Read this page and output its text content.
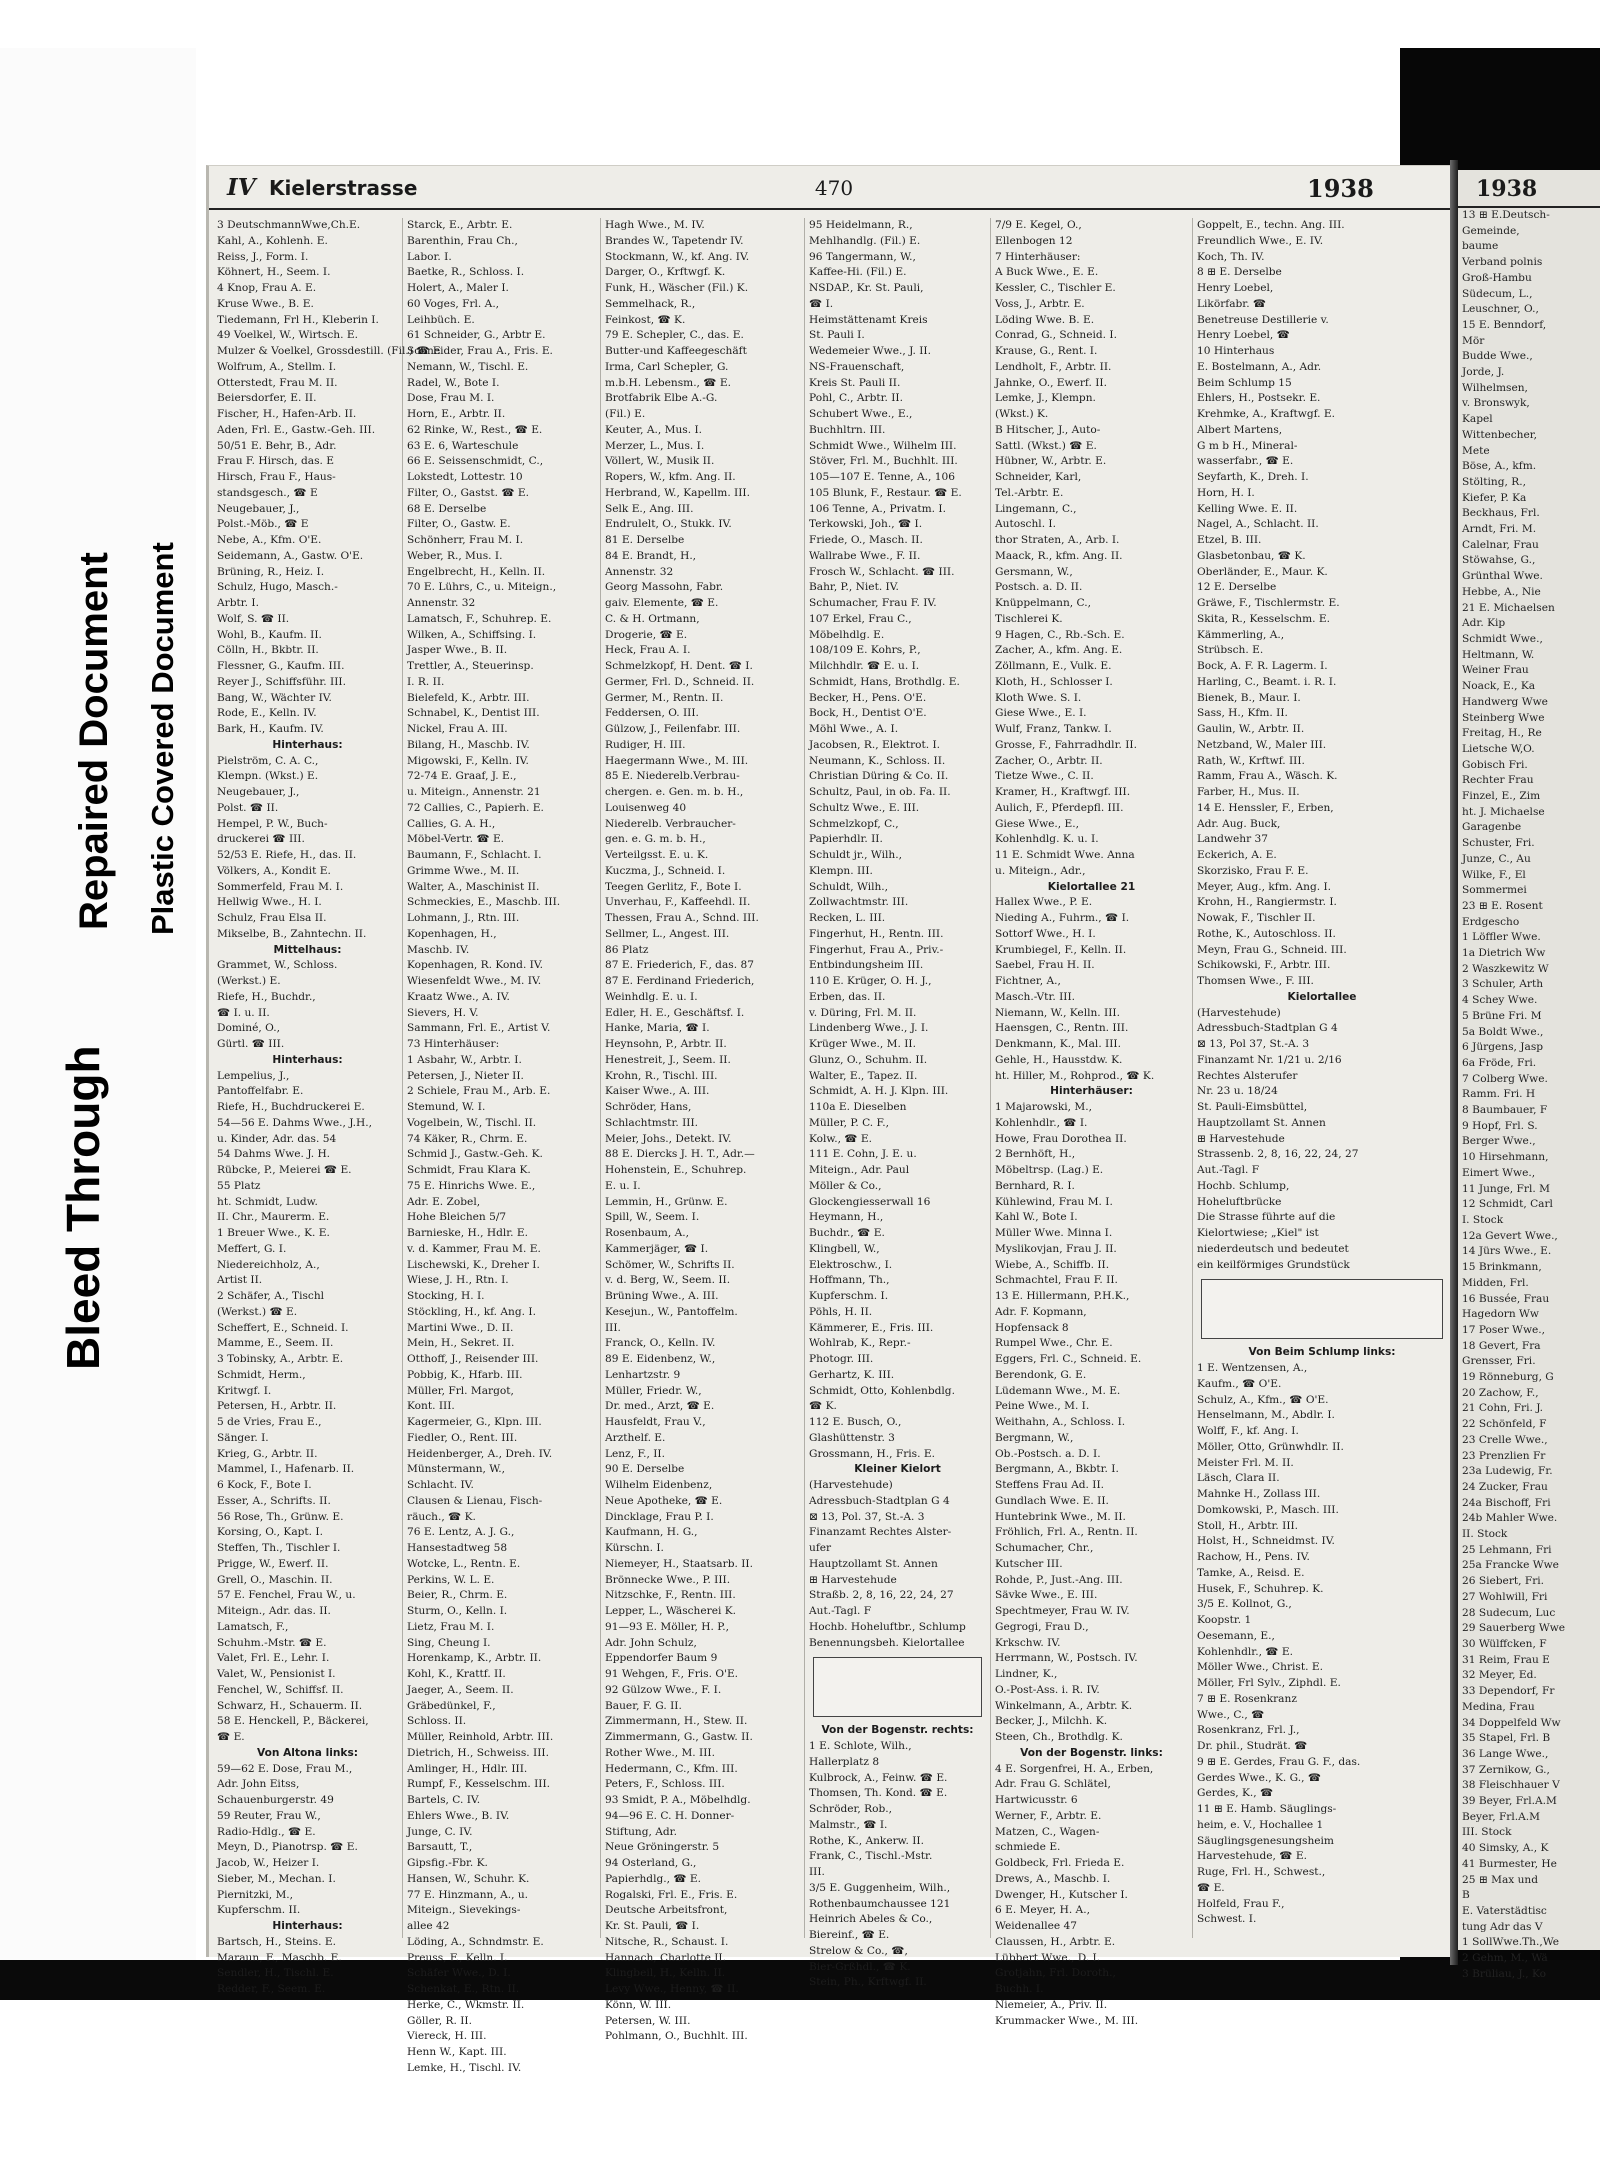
Bleed Through
Repaired Document Plastic Covered Document
IV Kielerstrasse	470	1938
3 DeutschmannWwe,Ch.E.
Kahl, A., Kohlenh. E.
Reiss, J., Form. I.
Köhnert, H., Seem. I.
4 Knop, Frau A. E.
Kruse Wwe., B. E.
Tiedemann, Frl H., Kleberin I.
49 Voelkel, W., Wirtsch. E.
Mulzer & Voelkel, Grossdestill. (Fil.) ☎ E
Wolfrum, A., Stellm. I.
Otterstedt, Frau M. II.
Beiersdorfer, E. II.
Fischer, H., Hafen-Arb. II.
Aden, Frl. E., Gastw.-Geh. III.
50/51 E. Behr, B., Adr.
Frau F. Hirsch, das. E
Hirsch, Frau F., Haus-
standsgesch., ☎ E
Neugebauer, J.,
Polst.-Möb., ☎ E
Nebe, A., Kfm. O'E.
Seidemann, A., Gastw. O'E.
Brüning, R., Heiz. I.
Schulz, Hugo, Masch.-
Arbtr. I.
Wolf, S. ☎ II.
Wohl, B., Kaufm. II.
Cölln, H., Bkbtr. II.
Flessner, G., Kaufm. III.
Reyer J., Schiffsführ. III.
Bang, W., Wächter IV.
Rode, E., Kelln. IV.
Bark, H., Kaufm. IV.
Hinterhaus:
Pielström, C. A. C.,
Klempn. (Wkst.) E.
Neugebauer, J.,
Polst. ☎ II.
Hempel, P. W., Buch-
druckerei ☎ III.
52/53 E. Riefe, H., das. II.
Völkers, A., Kondit E.
Sommerfeld, Frau M. I.
Hellwig Wwe., H. I.
Schulz, Frau Elsa II.
Mikselbe, B., Zahntechn. II.
Mittelhaus:
Grammet, W., Schloss.
(Werkst.) E.
Riefe, H., Buchdr.,
☎ I. u. II.
Dominé, O.,
Gürtl. ☎ III.
Hinterhaus:
Lempelius, J.,
Pantoffelfabr. E.
Riefe, H., Buchdruckerei E.
54—56 E. Dahms Wwe., J.H.,
u. Kinder, Adr. das. 54
54 Dahms Wwe. J. H.
Rübcke, P., Meierei ☎ E.
55 Platz
ht. Schmidt, Ludw.
II. Chr., Maurerm. E.
1 Breuer Wwe., K. E.
Meffert, G. I.
Niedereichholz, A.,
Artist II.
2 Schäfer, A., Tischl
(Werkst.) ☎ E.
Scheffert, E., Schneid. I.
Mamme, E., Seem. II.
3 Tobinsky, A., Arbtr. E.
Schmidt, Herm.,
Kritwgf. I.
Petersen, H., Arbtr. II.
5 de Vries, Frau E.,
Sänger. I.
Krieg, G., Arbtr. II.
Mammel, I., Hafenarb. II.
6 Kock, F., Bote I.
Esser, A., Schrifts. II.
56 Rose, Th., Grünw. E.
Korsing, O., Kapt. I.
Steffen, Th., Tischler I.
Prigge, W., Ewerf. II.
Grell, O., Maschin. II.
57 E. Fenchel, Frau W., u.
Miteign., Adr. das. II.
Lamatsch, F.,
Schuhm.-Mstr. ☎ E.
Valet, Frl. E., Lehr. I.
Valet, W., Pensionist I.
Fenchel, W., Schiffsf. II.
Schwarz, H., Schauerm. II.
58 E. Henckell, P., Bäckerei,
☎ E.
Von Altona links:
59—62 E. Dose, Frau M.,
Adr. John Eitss,
Schauenburgerstr. 49
59 Reuter, Frau W.,
Radio-Hdlg., ☎ E.
Meyn, D., Pianotrsp. ☎ E.
Jacob, W., Heizer I.
Sieber, M., Mechan. I.
Piernitzki, M.,
Kupferschm. II.
Hinterhaus:
Bartsch, H., Steins. E.
Maraun, F., Maschb. E.
Sendler, H., Tischl. E.
Redder, F., Seem. E.
Starck, E., Arbtr. E.
Barenthin, Frau Ch.,
Labor. I.
Baetke, R., Schloss. I.
Holert, A., Maler I.
60 Voges, Frl. A.,
Leihbüch. E.
61 Schneider, G., Arbtr E.
Schneider, Frau A., Fris. E.
Nemann, W., Tischl. E.
Radel, W., Bote I.
Dose, Frau M. I.
Horn, E., Arbtr. II.
62 Rinke, W., Rest., ☎ E.
63 E. 6, Warteschule
66 E. Seissenschmidt, C.,
Lokstedt, Lottestr. 10
Filter, O., Gastst. ☎ E.
68 E. Derselbe
Filter, O., Gastw. E.
Schönherr, Frau M. I.
Weber, R., Mus. I.
Engelbrecht, H., Kelln. II.
70 E. Lührs, C., u. Miteign.,
Annenstr. 32
Lamatsch, F., Schuhrep. E.
Wilken, A., Schiffsing. I.
Jasper Wwe., B. II.
Trettler, A., Steuerinsp.
I. R. II.
Bielefeld, K., Arbtr. III.
Schnabel, K., Dentist III.
Nickel, Frau A. III.
Bilang, H., Maschb. IV.
Migowski, F., Kelln. IV.
72-74 E. Graaf, J. E.,
u. Miteign., Annenstr. 21
72 Callies, C., Papierh. E.
Callies, G. A. H.,
Möbel-Vertr. ☎ E.
Baumann, F., Schlacht. I.
Grimme Wwe., M. II.
Walter, A., Maschinist II.
Schmeckies, E., Maschb. III.
Lohmann, J., Rtn. III.
Kopenhagen, H.,
Maschb. IV.
Kopenhagen, R. Kond. IV.
Wiesenfeldt Wwe., M. IV.
Kraatz Wwe., A. IV.
Sievers, H. V.
Sammann, Frl. E., Artist V.
73 Hinterhäuser:
1 Asbahr, W., Arbtr. I.
Petersen, J., Nieter II.
2 Schiele, Frau M., Arb. E.
Stemund, W. I.
Vogelbein, W., Tischl. II.
74 Käker, R., Chrm. E.
Schmid J., Gastw.-Geh. K.
Schmidt, Frau Klara K.
75 E. Hinrichs Wwe. E.,
Adr. E. Zobel,
Hohe Bleichen 5/7
Barnieske, H., Hdlr. E.
v. d. Kammer, Frau M. E.
Lischewski, K., Dreher I.
Wiese, J. H., Rtn. I.
Stocking, H. I.
Stöckling, H., kf. Ang. I.
Martini Wwe., D. II.
Mein, H., Sekret. II.
Otthoff, J., Reisender III.
Pobbig, K., Hfarb. III.
Müller, Frl. Margot,
Kont. III.
Kagermeier, G., Klpn. III.
Fiedler, O., Rent. III.
Heidenberger, A., Dreh. IV.
Münstermann, W.,
Schlacht. IV.
Clausen & Lienau, Fisch-
räuch., ☎ K.
76 E. Lentz, A. J. G.,
Hansestadtweg 58
Wotcke, L., Rentn. E.
Perkins, W. L. E.
Beier, R., Chrm. E.
Sturm, O., Kelln. I.
Lietz, Frau M. I.
Sing, Cheung I.
Horenkamp, K., Arbtr. II.
Kohl, K., Krattf. II.
Jaeger, A., Seem. II.
Gräbedünkel, F.,
Schloss. II.
Müller, Reinhold, Arbtr. III.
Dietrich, H., Schweiss. III.
Amlinger, H., Hdlr. III.
Rumpf, F., Kesselschm. III.
Bartels, C. IV.
Ehlers Wwe., B. IV.
Junge, C. IV.
Barsautt, T.,
Gipsfig.-Fbr. K.
Hansen, W., Schuhr. K.
77 E. Hinzmann, A., u.
Miteign., Sievekings-
allee 42
Löding, A., Schndmstr. E.
Preuss, F., Kelln. I.
Schäfer Wwe., D. I.
Schenkat, E., Rtn. II.
Herke, C., Wkmstr. II.
Göller, R. II.
Viereck, H. III.
Henn W., Kapt. III.
Lemke, H., Tischl. IV.
Hagh Wwe., M. IV.
Brandes W., Tapetendr IV.
Stockmann, W., kf. Ang. IV.
Darger, O., Krftwgf. K.
Funk, H., Wäscher (Fil.) K.
Semmelhack, R.,
Feinkost, ☎ K.
79 E. Schepler, C., das. E.
Butter-und Kaffeegeschäft
Irma, Carl Schepler, G.
m.b.H. Lebensm., ☎ E.
Brotfabrik Elbe A.-G.
(Fil.) E.
Keuter, A., Mus. I.
Merzer, L., Mus. I.
Völlert, W., Musik II.
Ropers, W., kfm. Ang. II.
Herbrand, W., Kapellm. III.
Selk E., Ang. III.
Endrulelt, O., Stukk. IV.
81 E. Derselbe
84 E. Brandt, H.,
Annenstr. 32
Georg Massohn, Fabr.
gaiv. Elemente, ☎ E.
C. & H. Ortmann,
Drogerie, ☎ E.
Heck, Frau A. I.
Schmelzkopf, H. Dent. ☎ I.
Germer, Frl. D., Schneid. II.
Germer, M., Rentn. II.
Feddersen, O. III.
Gülzow, J., Feilenfabr. III.
Rudiger, H. III.
Haegermann Wwe., M. III.
85 E. Niederelb.Verbrau-
chergen. e. Gen. m. b. H.,
Louisenweg 40
Niederelb. Verbraucher-
gen. e. G. m. b. H.,
Verteilgsst. E. u. K.
Kuczma, J., Schneid. I.
Teegen Gerlitz, F., Bote I.
Unverhau, F., Kaffeehdl. II.
Thessen, Frau A., Schnd. III.
Sellmer, L., Angest. III.
86 Platz
87 E. Friederich, F., das. 87
87 E. Ferdinand Friederich,
Weinhdlg. E. u. I.
Edler, H. E., Geschäftsf. I.
Hanke, Maria, ☎ I.
Heynsohn, P., Arbtr. II.
Henestreit, J., Seem. II.
Krohn, R., Tischl. III.
Kaiser Wwe., A. III.
Schröder, Hans,
Schlachtmstr. III.
Meier, Johs., Detekt. IV.
88 E. Diercks J. H. T., Adr.—
Hohenstein, E., Schuhrep.
E. u. I.
Lemmin, H., Grünw. E.
Spill, W., Seem. I.
Rosenbaum, A.,
Kammerjäger, ☎ I.
Schömer, W., Schrifts II.
v. d. Berg, W., Seem. II.
Brüning Wwe., A. III.
Kesejun., W., Pantoffelm.
III.
Franck, O., Kelln. IV.
89 E. Eidenbenz, W.,
Lenhartzstr. 9
Müller, Friedr. W.,
Dr. med., Arzt, ☎ E.
Hausfeldt, Frau V.,
Arzthelf. E.
Lenz, F., II.
90 E. Derselbe
Wilhelm Eidenbenz,
Neue Apotheke, ☎ E.
Dincklage, Frau P. I.
Kaufmann, H. G.,
Kürschn. I.
Niemeyer, H., Staatsarb. II.
Brönnecke Wwe., P. III.
Nitzschke, F., Rentn. III.
Lepper, L., Wäscherei K.
91—93 E. Möller, H. P.,
Adr. John Schulz,
Eppendorfer Baum 9
91 Wehgen, F., Fris. O'E.
92 Gülzow Wwe., F. I.
Bauer, F. G. II.
Zimmermann, H., Stew. II.
Zimmermann, G., Gastw. II.
Rother Wwe., M. III.
Hedermann, C., Kfm. III.
Peters, F., Schloss. III.
93 Smidt, P. A., Möbelhdlg.
94—96 E. C. H. Donner-
Stiftung, Adr.
Neue Gröningerstr. 5
94 Osterland, G.,
Papierhdlg., ☎ E.
Rogalski, Frl. E., Fris. E.
Deutsche Arbeitsfront,
Kr. St. Pauli, ☎ I.
Nitsche, R., Schaust. I.
Hannach, Charlotte II.
Klingbeil, H., Kelln. II.
Levy Wwe., Henny, ☎ II.
Könn, W. III.
Petersen, W. III.
Pohlmann, O., Buchhlt. III.
95 Heidelmann, R.,
Mehlhandlg. (Fil.) E.
96 Tangermann, W.,
Kaffee-Hi. (Fil.) E.
NSDAP., Kr. St. Pauli,
☎ I.
Heimstättenamt Kreis
St. Pauli I.
Wedemeier Wwe., J. II.
NS-Frauenschaft,
Kreis St. Pauli II.
Pohl, C., Arbtr. II.
Schubert Wwe., E.,
Buchhltrn. III.
Schmidt Wwe., Wilhelm III.
Stöver, Frl. M., Buchhlt. III.
105—107 E. Tenne, A., 106
105 Blunk, F., Restaur. ☎ E.
106 Tenne, A., Privatm. I.
Terkowski, Joh., ☎ I.
Friede, O., Masch. II.
Wallrabe Wwe., F. II.
Frosch W., Schlacht. ☎ III.
Bahr, P., Niet. IV.
Schumacher, Frau F. IV.
107 Erkel, Frau C.,
Möbelhdlg. E.
108/109 E. Kohrs, P.,
Milchhdlr. ☎ E. u. I.
Schmidt, Hans, Brothdlg. E.
Becker, H., Pens. O'E.
Bock, H., Dentist O'E.
Möhl Wwe., A. I.
Jacobsen, R., Elektrot. I.
Neumann, K., Schloss. II.
Christian Düring & Co. II.
Schultz, Paul, in ob. Fa. II.
Schultz Wwe., E. III.
Schmelzkopf, C.,
Papierhdlr. II.
Schuldt jr., Wilh.,
Klempn. III.
Schuldt, Wilh.,
Zollwachtmstr. III.
Recken, L. III.
Fingerhut, H., Rentn. III.
Fingerhut, Frau A., Priv.-
Entbindungsheim III.
110 E. Krüger, O. H. J.,
Erben, das. II.
v. Düring, Frl. M. II.
Lindenberg Wwe., J. I.
Krüger Wwe., M. II.
Glunz, O., Schuhm. II.
Walter, E., Tapez. II.
Schmidt, A. H. J. Klpn. III.
110a E. Dieselben
Müller, P. C. F.,
Kolw., ☎ E.
111 E. Cohn, J. E. u.
Miteign., Adr. Paul
Möller & Co.,
Glockengiesserwall 16
Heymann, H.,
Buchdr., ☎ E.
Klingbell, W.,
Elektroschw., I.
Hoffmann, Th.,
Kupferschm. I.
Pöhls, H. II.
Kämmerer, E., Fris. III.
Wohlrab, K., Repr.-
Photogr. III.
Gerhartz, K. III.
Schmidt, Otto, Kohlenbdlg.
☎ K.
112 E. Busch, O.,
Glashüttenstr. 3
Grossmann, H., Fris. E.
Kleiner Kielort
(Harvestehude)
Adressbuch-Stadtplan G 4
⊠ 13, Pol. 37, St.-A. 3
Finanzamt Rechtes Alster-
ufer
Hauptzollamt St. Annen
⊞ Harvestehude
Straßb. 2, 8, 16, 22, 24, 27
Aut.-Tagl. F
Hochb. Hoheluftbr., Schlump
Benennungsbeh. Kielortallee
Von der Bogenstr. rechts:
1 E. Schlote, Wilh.,
Hallerplatz 8
Kulbrock, A., Feinw. ☎ E.
Thomsen, Th. Kond. ☎ E.
Schröder, Rob.,
Malmstr., ☎ I.
Rothe, K., Ankerw. II.
Frank, C., Tischl.-Mstr.
III.
3/5 E. Guggenheim, Wilh.,
Rothenbaumchaussee 121
Heinrich Abeles & Co.,
Biereinf., ☎ E.
Strelow & Co., ☎,
Bier-Grßhdl., ☎ K.
Stein, Ph., Krftwgf. II.
7/9 E. Kegel, O.,
Ellenbogen 12
7 Hinterhäuser:
A Buck Wwe., E. E.
Kessler, C., Tischler E.
Voss, J., Arbtr. E.
Löding Wwe. B. E.
Conrad, G., Schneid. I.
Krause, G., Rent. I.
Lendholt, F., Arbtr. II.
Jahnke, O., Ewerf. II.
Lemke, J., Klempn.
(Wkst.) K.
B Hitscher, J., Auto-
Sattl. (Wkst.) ☎ E.
Hübner, W., Arbtr. E.
Schneider, Karl,
Tel.-Arbtr. E.
Lingemann, C.,
Autoschl. I.
thor Straten, A., Arb. I.
Maack, R., kfm. Ang. II.
Gersmann, W.,
Postsch. a. D. II.
Knüppelmann, C.,
Tischlerei K.
9 Hagen, C., Rb.-Sch. E.
Zacher, A., kfm. Ang. E.
Zöllmann, E., Vulk. E.
Kloth, H., Schlosser I.
Kloth Wwe. S. I.
Giese Wwe., E. I.
Wulf, Franz, Tankw. I.
Grosse, F., Fahrradhdlr. II.
Zacher, O., Arbtr. II.
Tietze Wwe., C. II.
Kramer, H., Kraftwgf. III.
Aulich, F., Pferdepfl. III.
Giese Wwe., E.,
Kohlenhdlg. K. u. I.
11 E. Schmidt Wwe. Anna
u. Miteign., Adr.,
Kielortallee 21
Hallex Wwe., P. E.
Nieding A., Fuhrm., ☎ I.
Sottorf Wwe., H. I.
Krumbiegel, F., Kelln. II.
Saebel, Frau H. II.
Fichtner, A.,
Masch.-Vtr. III.
Niemann, W., Kelln. III.
Haensgen, C., Rentn. III.
Denkmann, K., Mal. III.
Gehle, H., Hausstdw. K.
ht. Hiller, M., Rohprod., ☎ K.
Hinterhäuser:
1 Majarowski, M.,
Kohlenhdlr., ☎ I.
Howe, Frau Dorothea II.
2 Bernhöft, H.,
Möbeltrsp. (Lag.) E.
Bernhard, R. I.
Kühlewind, Frau M. I.
Kahl W., Bote I.
Müller Wwe. Minna I.
Myslikovjan, Frau J. II.
Wiebe, A., Schiffb. II.
Schmachtel, Frau F. II.
13 E. Hillermann, P.H.K.,
Adr. F. Kopmann,
Hopfensack 8
Rumpel Wwe., Chr. E.
Eggers, Frl. C., Schneid. E.
Berendonk, G. E.
Lüdemann Wwe., M. E.
Peine Wwe., M. I.
Weithahn, A., Schloss. I.
Bergmann, W.,
Ob.-Postsch. a. D. I.
Bergmann, A., Bkbtr. I.
Steffens Frau Ad. II.
Gundlach Wwe. E. II.
Huntebrink Wwe., M. II.
Fröhlich, Frl. A., Rentn. II.
Schumacher, Chr.,
Kutscher III.
Rohde, P., Just.-Ang. III.
Sävke Wwe., E. III.
Spechtmeyer, Frau W. IV.
Gegrogi, Frau D.,
Krkschw. IV.
Herrmann, W., Postsch. IV.
Lindner, K.,
O.-Post-Ass. i. R. IV.
Winkelmann, A., Arbtr. K.
Becker, J., Milchh. K.
Steen, Ch., Brothdlg. K.
Von der Bogenstr. links:
4 E. Sorgenfrei, H. A., Erben,
Adr. Frau G. Schlätel,
Hartwicusstr. 6
Werner, F., Arbtr. E.
Matzen, C., Wagen-
schmiede E.
Goldbeck, Frl. Frieda E.
Drews, A., Maschb. I.
Dwenger, H., Kutscher I.
6 E. Meyer, H. A.,
Weidenallee 47
Claussen, H., Arbtr. E.
Lübbert Wwe., D. I.
Grotjahn, Frl. Doroth.,
Buchh. I.
Niemeier, A., Priv. II.
Krummacker Wwe., M. III.
Goppelt, E., techn. Ang. III.
Freundlich Wwe., E. IV.
Koch, Th. IV.
8 ⊞ E. Derselbe
Henry Loebel,
Likörfabr. ☎
Benetreuse Destillerie v.
Henry Loebel, ☎
10 Hinterhaus
E. Bostelmann, A., Adr.
Beim Schlump 15
Ehlers, H., Postsekr. E.
Krehmke, A., Kraftwgf. E.
Albert Martens,
G m b H., Mineral-
wasserfabr., ☎ E.
Seyfarth, K., Dreh. I.
Horn, H. I.
Kelling Wwe. E. II.
Nagel, A., Schlacht. II.
Etzel, B. III.
Glasbetonbau, ☎ K.
Oberländer, E., Maur. K.
12 E. Derselbe
Gräwe, F., Tischlermstr. E.
Skita, R., Kesselschm. E.
Kämmerling, A.,
Strübsch. E.
Bock, A. F. R. Lagerm. I.
Harling, C., Beamt. i. R. I.
Bienek, B., Maur. I.
Sass, H., Kfm. II.
Gaulin, W., Arbtr. II.
Netzband, W., Maler III.
Rath, W., Krftwf. III.
Ramm, Frau A., Wäsch. K.
Farber, H., Mus. II.
14 E. Henssler, F., Erben,
Adr. Aug. Buck,
Landwehr 37
Eckerich, A. E.
Skorzisko, Frau F. E.
Meyer, Aug., kfm. Ang. I.
Krohn, H., Rangiermstr. I.
Nowak, F., Tischler II.
Rothe, K., Autoschloss. II.
Meyn, Frau G., Schneid. III.
Schikowski, F., Arbtr. III.
Thomsen Wwe., F. III.
Kielortallee
(Harvestehude)
Adressbuch-Stadtplan G 4
⊠ 13, Pol 37, St.-A. 3
Finanzamt Nr. 1/21 u. 2/16
Rechtes Alsterufer
Nr. 23 u. 18/24
St. Pauli-Eimsbüttel,
Hauptzollamt St. Annen
⊞ Harvestehude
Strassenb. 2, 8, 16, 22, 24, 27
Aut.-Tagl. F
Hochb. Schlump,
Hoheluftbrücke
Die Strasse führte auf die
Kielortwiese; „Kiel" ist
niederdeutsch und bedeutet
ein keilförmiges Grundstück
Von Beim Schlump links:
1 E. Wentzensen, A.,
Kaufm., ☎ O'E.
Schulz, A., Kfm., ☎ O'E.
Henselmann, M., Abdlr. I.
Wolff, F., kf. Ang. I.
Möller, Otto, Grünwhdlr. II.
Meister Frl. M. II.
Läsch, Clara II.
Mahnke H., Zollass III.
Domkowski, P., Masch. III.
Stoll, H., Arbtr. III.
Holst, H., Schneidmst. IV.
Rachow, H., Pens. IV.
Tamke, A., Reisd. E.
Husek, F., Schuhrep. K.
3/5 E. Kollnot, G.,
Koopstr. 1
Oesemann, E.,
Kohlenhdlr., ☎ E.
Möller Wwe., Christ. E.
Möller, Frl Sylv., Ziphdl. E.
7 ⊞ E. Rosenkranz
Wwe., C., ☎
Rosenkranz, Frl. J.,
Dr. phil., Studrät. ☎
9 ⊞ E. Gerdes, Frau G. F., das.
Gerdes Wwe., K. G., ☎
Gerdes, K., ☎
11 ⊞ E. Hamb. Säuglings-
heim, e. V., Hochallee 1
Säuglingsgenesungsheim
Harvestehude, ☎ E.
Ruge, Frl. H., Schwest.,
☎ E.
Holfeld, Frau F.,
Schwest. I.
1938
13 ⊞ E.Deutsch-
Gemeinde,
baume
Verband polnis
Groß-Hambu
Südecum, L.,
Leuschner, O.,
15 E. Benndorf,
Mör
Budde Wwe.,
Jorde, J.
Wilhelmsen,
v. Bronswyk,
Kapel
Wittenbecher,
Mete
Böse, A., kfm.
Stölting, R.,
Kiefer, P. Ka
Beckhaus, Frl.
Arndt, Fri. M.
Calelnar, Frau
Stöwahse, G.,
Grünthal Wwe.
Hebbe, A., Nie
21 E. Michaelsen
Adr. Kip
Schmidt Wwe.,
Heltmann, W.
Weiner Frau
Noack, E., Ka
Handwerg Wwe
Steinberg Wwe
Freitag, H., Re
Lietsche W,O.
Gobisch Fri.
Rechter Frau
Finzel, E., Zim
ht. J. Michaelse
Garagenbe
Schuster, Fri.
Junze, C., Au
Wilke, F., El
Sommermei
23 ⊞ E. Rosent
Erdgescho
1 Löffler Wwe.
1a Dietrich Ww
2 Waszkewitz W
3 Schuler, Arth
4 Schey Wwe.
5 Brüne Fri. M
5a Boldt Wwe.,
6 Jürgens, Jasp
6a Fröde, Fri.
7 Colberg Wwe.
Ramm. Fri. H
8 Baumbauer, F
9 Hopf, Frl. S.
Berger Wwe.,
10 Hirsehmann,
Eimert Wwe.,
11 Junge, Frl. M
12 Schmidt, Carl
I. Stock
12a Gevert Wwe.,
14 Jürs Wwe., E.
15 Brinkmann,
Midden, Frl.
16 Bussée, Frau
Hagedorn Ww
17 Poser Wwe.,
18 Gevert, Fra
Grensser, Fri.
19 Rönneburg, G
20 Zachow, F.,
21 Cohn, Fri. J.
22 Schönfeld, F
23 Crelle Wwe.,
23 Prenzlien Fr
23a Ludewig, Fr.
24 Zucker, Frau
24a Bischoff, Fri
24b Mahler Wwe.
II. Stock
25 Lehmann, Fri
25a Francke Wwe
26 Siebert, Fri.
27 Wohlwill, Fri
28 Sudecum, Luc
29 Sauerberg Wwe
30 Wülffcken, F
31 Reim, Frau E
32 Meyer, Ed.
33 Dependorf, Fr
Medina, Frau
34 Doppelfeld Ww
35 Stapel, Frl. B
36 Lange Wwe.,
37 Zernikow, G.,
38 Fleischhauer V
39 Beyer, Frl.A.M
Beyer, Frl.A.M
III. Stock
40 Simsky, A., K
41 Burmester, He
25 ⊞ Max und
B
E. Vaterstädtisc
tung Adr das V
1 SollWwe.Th.,We
2 Gehm, M., Wä
3 Brüliau, J., Ko
